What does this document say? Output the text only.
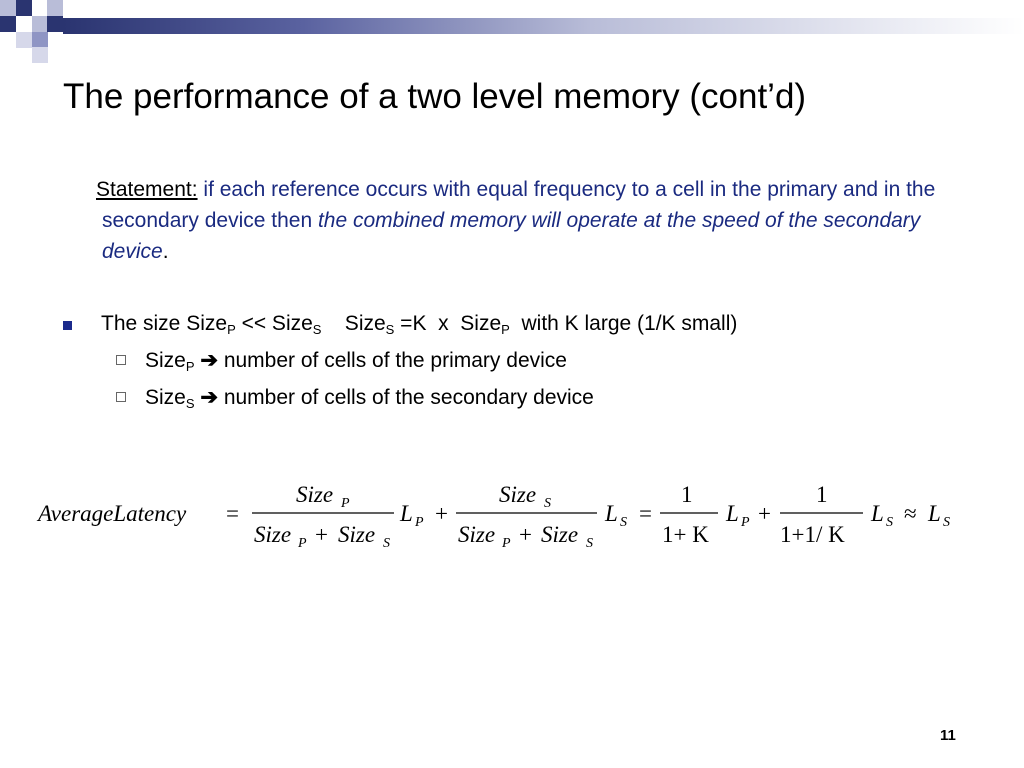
The performance of a two level memory (cont’d)
Statement: if each reference occurs with equal frequency to a cell in the primary and in the secondary device then the combined memory will operate at the speed of the secondary device.
The size Size$_P$ << Size$_S$    Size$_S$ =K  x  Size$_P$  with K large (1/K small)
Size$_P$ ➔ number of cells of the primary device
Size$_S$ ➔ number of cells of the secondary device
AverageLatency =
Size P
Size P + Size S
L P +
Size S
Size P + Size S
L S =
1
1+ K
L P +
1
1+1/ K
L S ≈ L S
11
